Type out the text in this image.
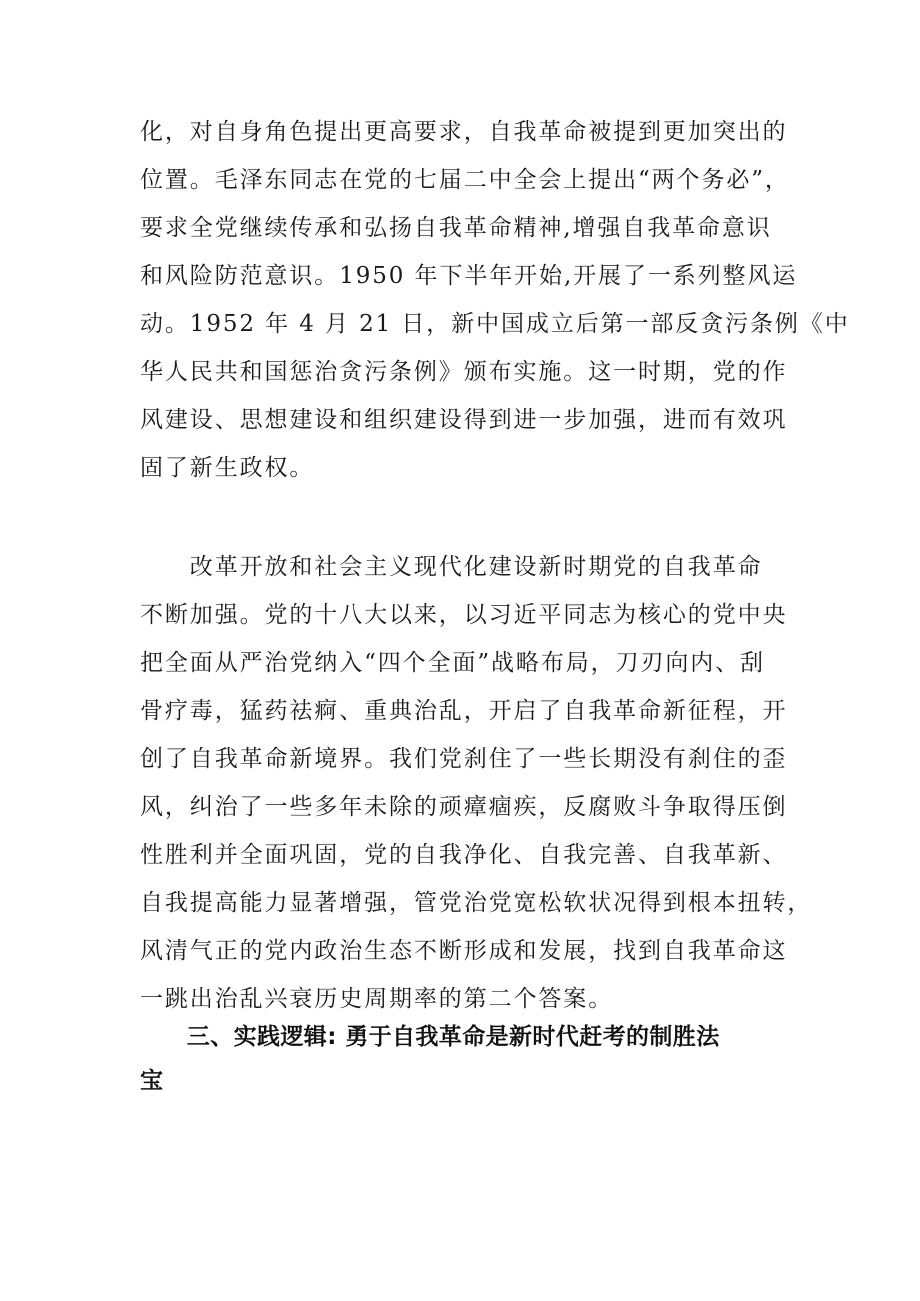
化，对自身角色提出更高要求，自我革命被提到更加突出的
位置。毛泽东同志在党的七届二中全会上提出“两个务必”，
要求全党继续传承和弘扬自我革命精神,增强自我革命意识
和风险防范意识。1950 年下半年开始,开展了一系列整风运
动。1952 年 4 月 21 日，新中国成立后第一部反贪污条例《中
华人民共和国惩治贪污条例》颁布实施。这一时期，党的作
风建设、思想建设和组织建设得到进一步加强，进而有效巩
固了新生政权。

　　改革开放和社会主义现代化建设新时期党的自我革命
不断加强。党的十八大以来，以习近平同志为核心的党中央
把全面从严治党纳入“四个全面”战略布局，刀刃向内、刮
骨疗毒，猛药祛痾、重典治乱，开启了自我革命新征程，开
创了自我革命新境界。我们党刹住了一些长期没有刹住的歪
风，纠治了一些多年未除的顽瘴痼疾，反腐败斗争取得压倒
性胜利并全面巩固，党的自我净化、自我完善、自我革新、
自我提高能力显著增强，管党治党宽松软状况得到根本扭转，
风清气正的党内政治生态不断形成和发展，找到自我革命这
一跳出治乱兴衰历史周期率的第二个答案。

　　三、实践逻辑: 勇于自我革命是新时代赶考的制胜法
宝
